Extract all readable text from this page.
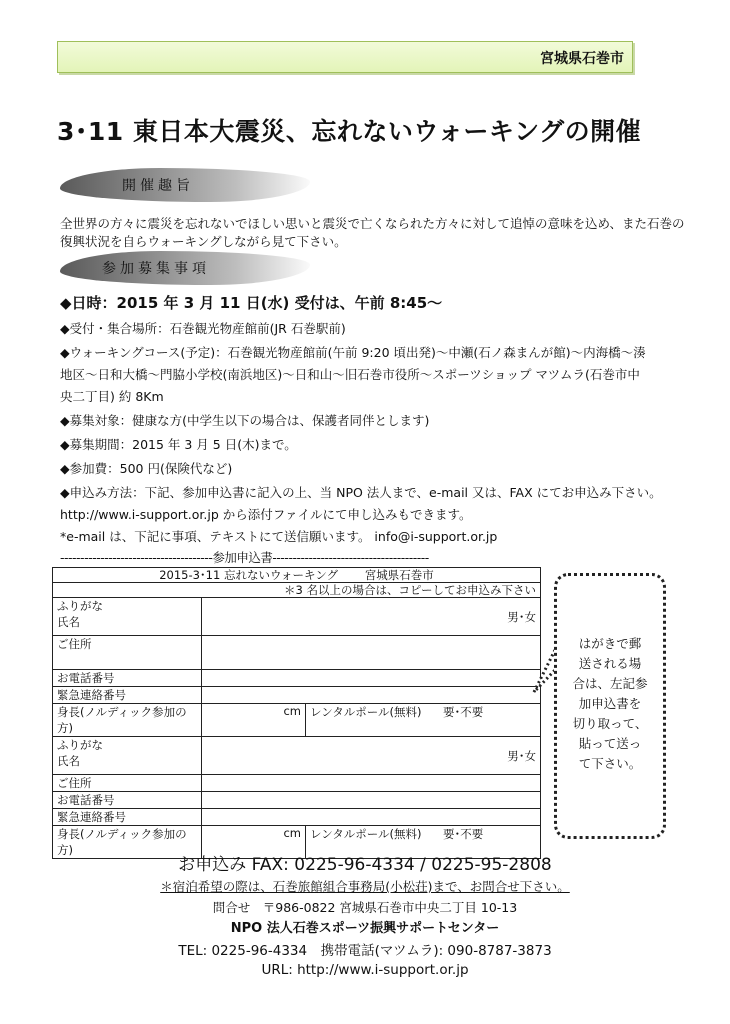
宮城県石巻市
3･11 東日本大震災、忘れないウォーキングの開催
開催趣旨
全世界の方々に震災を忘れないでほしい思いと震災で亡くなられた方々に対して追悼の意味を込め、また石巻の
復興状況を自らウォーキングしながら見て下さい。
参加募集事項
◆日時：2015 年 3 月 11 日(水) 受付は、午前 8:45～
◆受付・集合場所：石巻観光物産館前(JR 石巻駅前)
◆ウォーキングコース(予定)：石巻観光物産館前(午前 9:20 頃出発)～中瀬(石ノ森まんが館)～内海橋～湊
地区～日和大橋～門脇小学校(南浜地区)～日和山～旧石巻市役所～スポーツショップ マツムラ(石巻市中
央二丁目) 約 8Km
◆募集対象：健康な方(中学生以下の場合は、保護者同伴とします)
◆募集期間：2015 年 3 月 5 日(木)まで。
◆参加費：500 円(保険代など)
◆申込み方法：下記、参加申込書に記入の上、当 NPO 法人まで、e-mail 又は、FAX にてお申込み下さい。
http://www.i-support.or.jp から添付ファイルにて申し込みもできます。
*e-mail は、下記に事項、テキストにて送信願います。 info@i-support.or.jp
--------------------------------------参加申込書---------------------------------------
2015-3･11 忘れないウォーキング　　 宮城県石巻市			
＊3 名以上の場合は、コピーしてお申込み下さい			

ふりがな
氏名	男･女		
ご住所			
お電話番号			
緊急連絡番号			
身長(ノルディック参加の方)	cm	レンタルポール(無料)	要･不要

ふりがな
氏名	男･女		
ご住所			
お電話番号			
緊急連絡番号			
身長(ノルディック参加の方)	cm	レンタルポール(無料)	要･不要
はがきで郵
送される場
合は、左記参
加申込書を
切り取って、
貼って送っ
て下さい。
お申込み FAX: 0225-96-4334 / 0225-95-2808
＊宿泊希望の際は、石巻旅館組合事務局(小松荘)まで、お問合せ下さい。
問合せ　〒986-0822 宮城県石巻市中央二丁目 10-13
NPO 法人石巻スポーツ振興サポートセンター
TEL: 0225-96-4334　携帯電話(マツムラ): 090-8787-3873
URL: http://www.i-support.or.jp
